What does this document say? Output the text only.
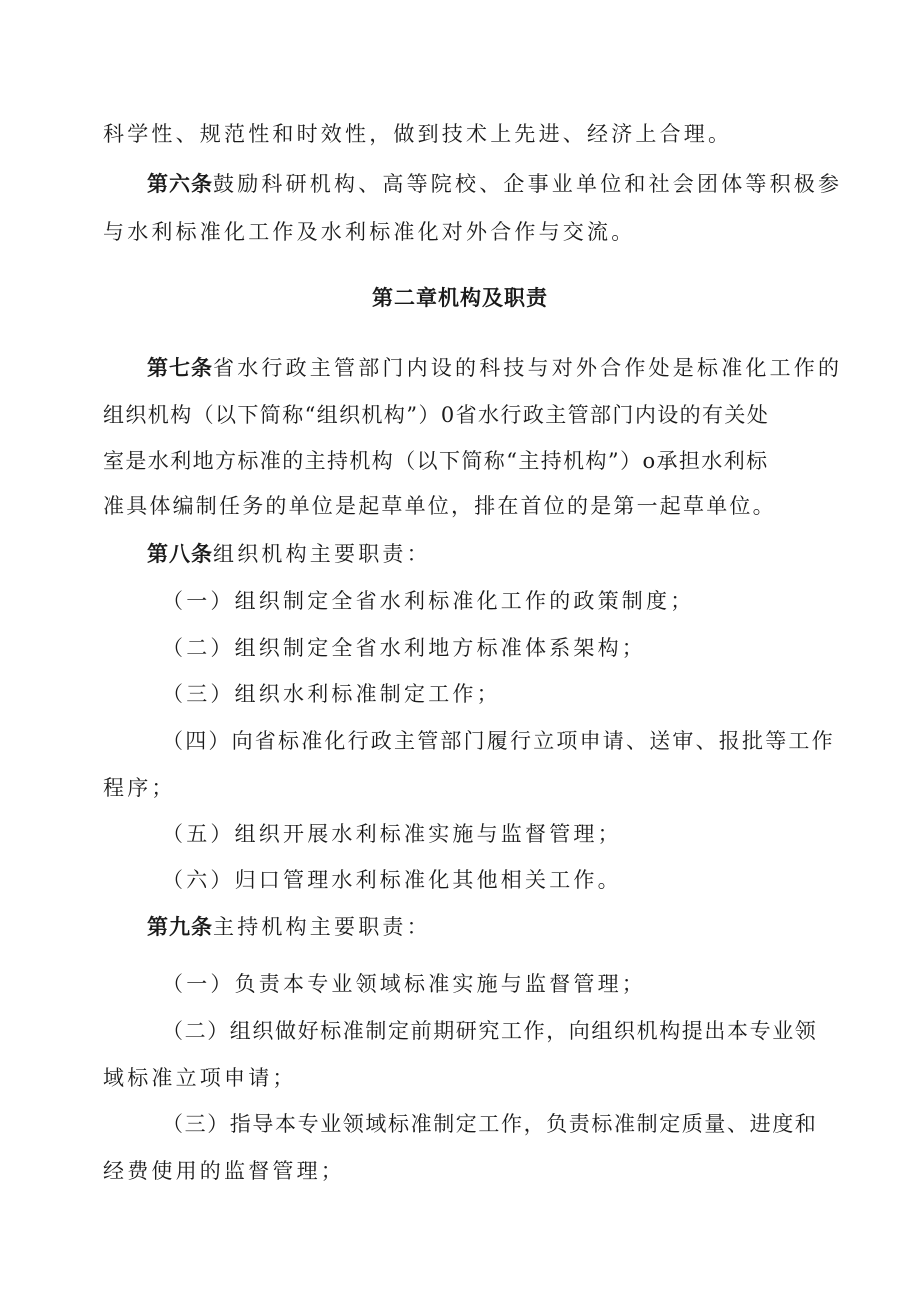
科学性、规范性和时效性，做到技术上先进、经济上合理。
第六条鼓励科研机构、高等院校、企事业单位和社会团体等积极参
与水利标准化工作及水利标准化对外合作与交流。
第二章机构及职责
第七条省水行政主管部门内设的科技与对外合作处是标准化工作的
组织机构（以下简称“组织机构”）0省水行政主管部门内设的有关处
室是水利地方标准的主持机构（以下简称“主持机构”）o承担水利标
准具体编制任务的单位是起草单位，排在首位的是第一起草单位。
第八条组织机构主要职责：
（一）组织制定全省水利标准化工作的政策制度；
（二）组织制定全省水利地方标准体系架构；
（三）组织水利标准制定工作；
（四）向省标准化行政主管部门履行立项申请、送审、报批等工作
程序；
（五）组织开展水利标准实施与监督管理；
（六）归口管理水利标准化其他相关工作。
第九条主持机构主要职责：
（一）负责本专业领域标准实施与监督管理；
（二）组织做好标准制定前期研究工作，向组织机构提出本专业领
域标准立项申请；
（三）指导本专业领域标准制定工作，负责标准制定质量、进度和
经费使用的监督管理；
